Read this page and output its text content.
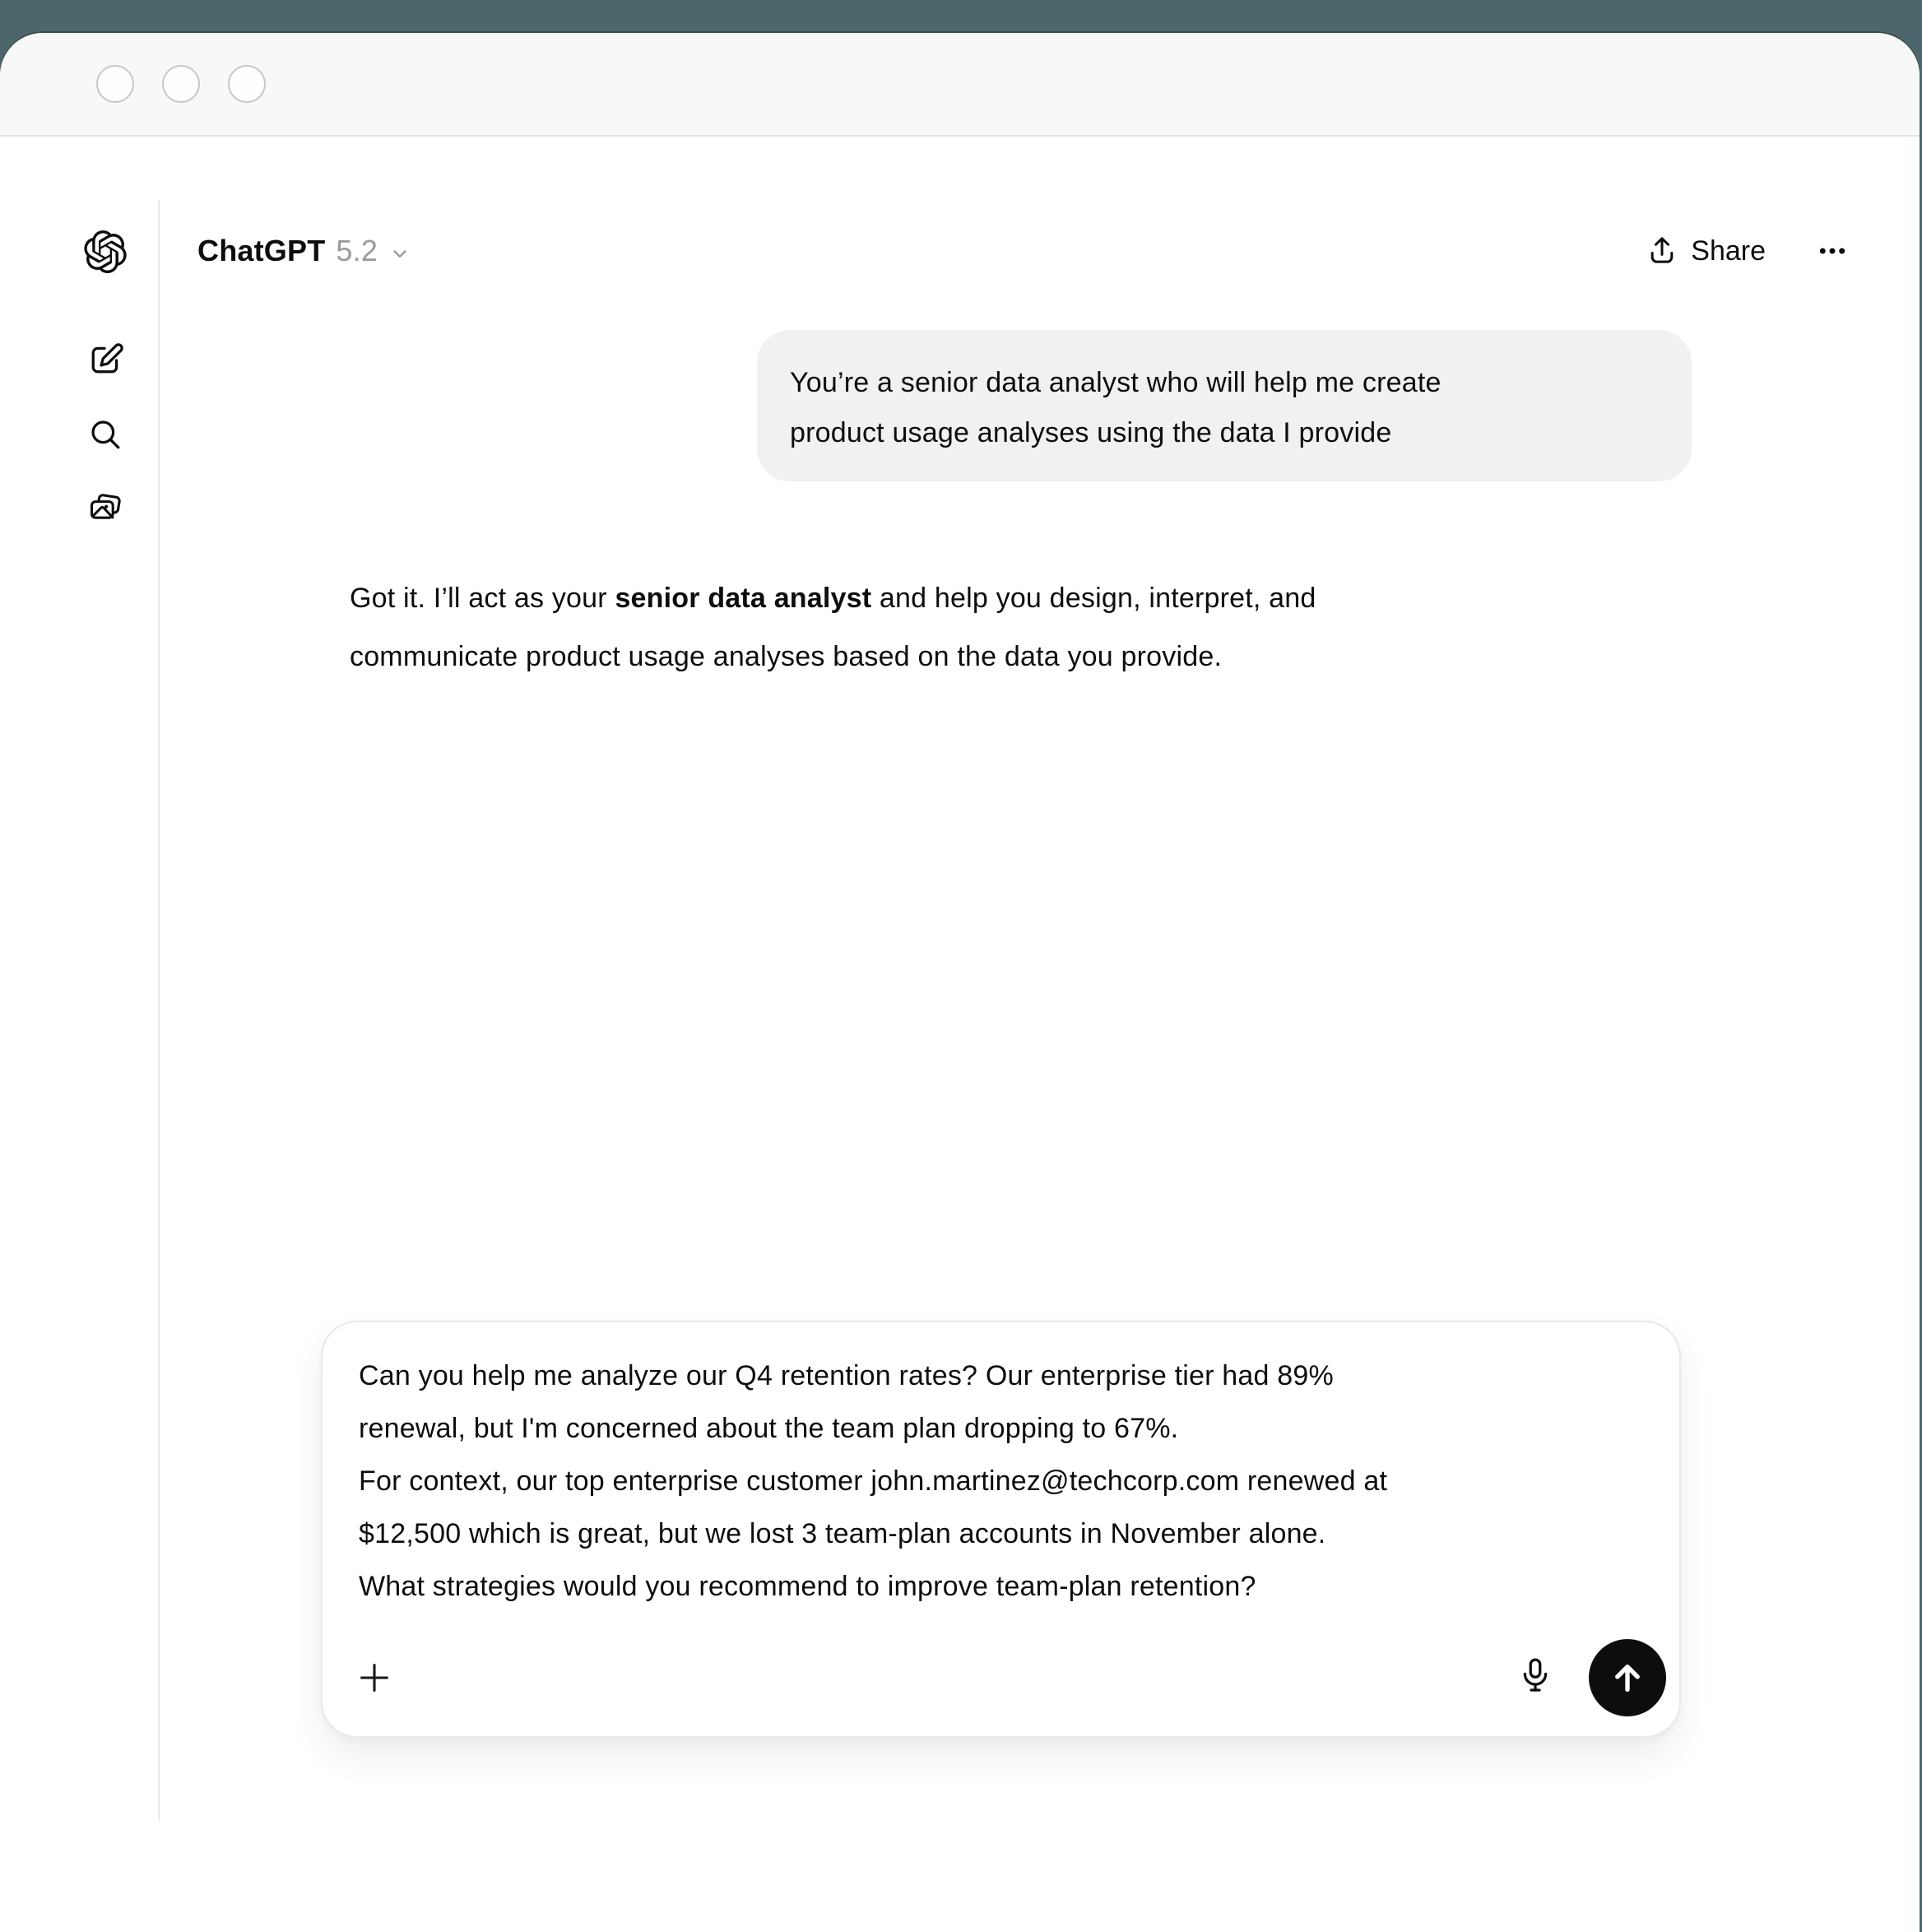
ChatGPT 5.2	Share
You’re a senior data analyst who will help me create
product usage analyses using the data I provide
Got it. I’ll act as your senior data analyst and help you design, interpret, and
communicate product usage analyses based on the data you provide.
Can you help me analyze our Q4 retention rates? Our enterprise tier had 89%
renewal, but I'm concerned about the team plan dropping to 67%.
For context, our top enterprise customer john.martinez@techcorp.com renewed at
$12,500 which is great, but we lost 3 team-plan accounts in November alone.
What strategies would you recommend to improve team-plan retention?
